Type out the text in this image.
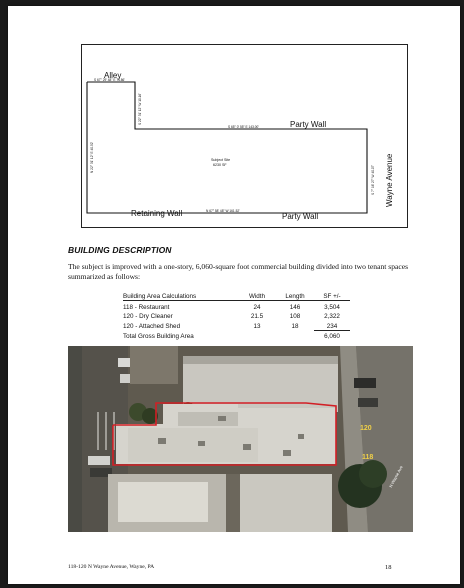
Alley
S 67° 29' 48" E 74.86'
S 22° 31' 12" W 10.16'
S 65° 0' 55" E 143.00'	Party Wall
N 22° 31' 12" E 40.52'	Subject Site
6230 SF	S 7° 16' 27" W 40.07' Wayne Avenue
N 67° 58' 48" W 161.52'
Retaining Wall	Party Wall
BUILDING DESCRIPTION
The subject is improved with a one-story, 6,060-square foot commercial building divided into two tenant spaces summarized as follows:
Building Area Calculations	Width	Length	SF +/-
118 - Restaurant	24	146	3,504
120 - Dry Cleaner	21.5	108	2,322
120 - Attached Shed	13	18	234
Total Gross Building Area			6,060
120
118
N Wayne Ave
118-120 N Wayne Avenue, Wayne, PA	18
